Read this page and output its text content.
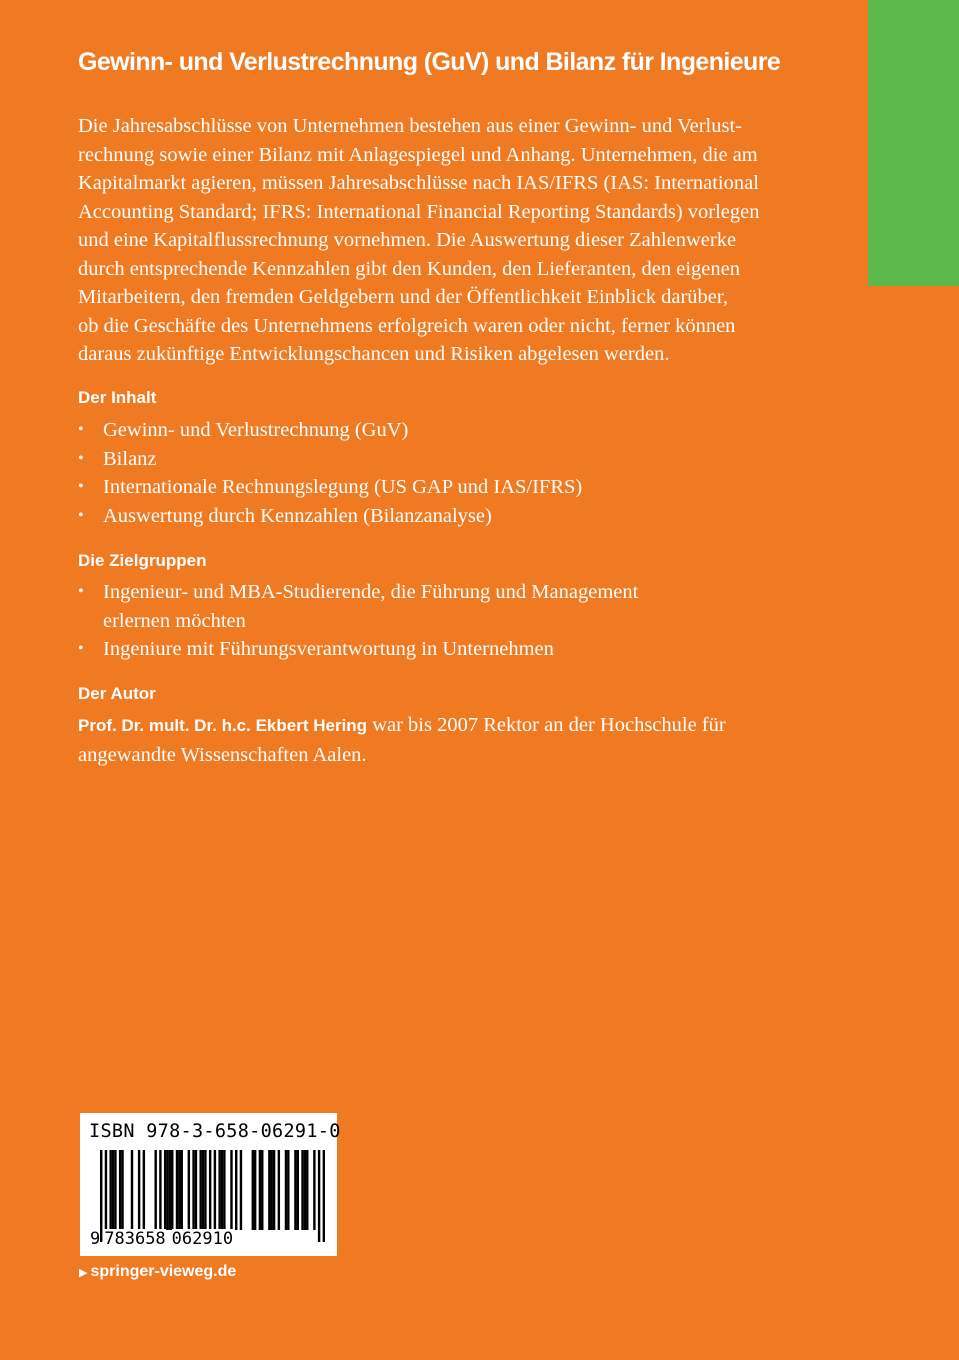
Gewinn- und Verlustrechnung (GuV) und Bilanz für Ingenieure

Die Jahresabschlüsse von Unternehmen bestehen aus einer Gewinn- und Verlust-
rechnung sowie einer Bilanz mit Anlagespiegel und Anhang. Unternehmen, die am
Kapitalmarkt agieren, müssen Jahresabschlüsse nach IAS/IFRS (IAS: International
Accounting Standard; IFRS: International Financial Reporting Standards) vorlegen
und eine Kapitalflussrechnung vornehmen. Die Auswertung dieser Zahlenwerke
durch entsprechende Kennzahlen gibt den Kunden, den Lieferanten, den eigenen
Mitarbeitern, den fremden Geldgebern und der Öffentlichkeit Einblick darüber,
ob die Geschäfte des Unternehmens erfolgreich waren oder nicht, ferner können
daraus zukünftige Entwicklungschancen und Risiken abgelesen werden.

Der Inhalt
• Gewinn- und Verlustrechnung (GuV)
• Bilanz
• Internationale Rechnungslegung (US GAP und IAS/IFRS)
• Auswertung durch Kennzahlen (Bilanzanalyse)
Die Zielgruppen
• Ingenieur- und MBA-Studierende, die Führung und Management
erlernen möchten
• Ingeniure mit Führungsverantwortung in Unternehmen
Der Autor

Prof. Dr. mult. Dr. h.c. Ekbert Hering war bis 2007 Rektor an der Hochschule für
angewandte Wissenschaften Aalen.

ISBN 978-3-658-06291-0
9 783658 062910
▶ springer-vieweg.de
